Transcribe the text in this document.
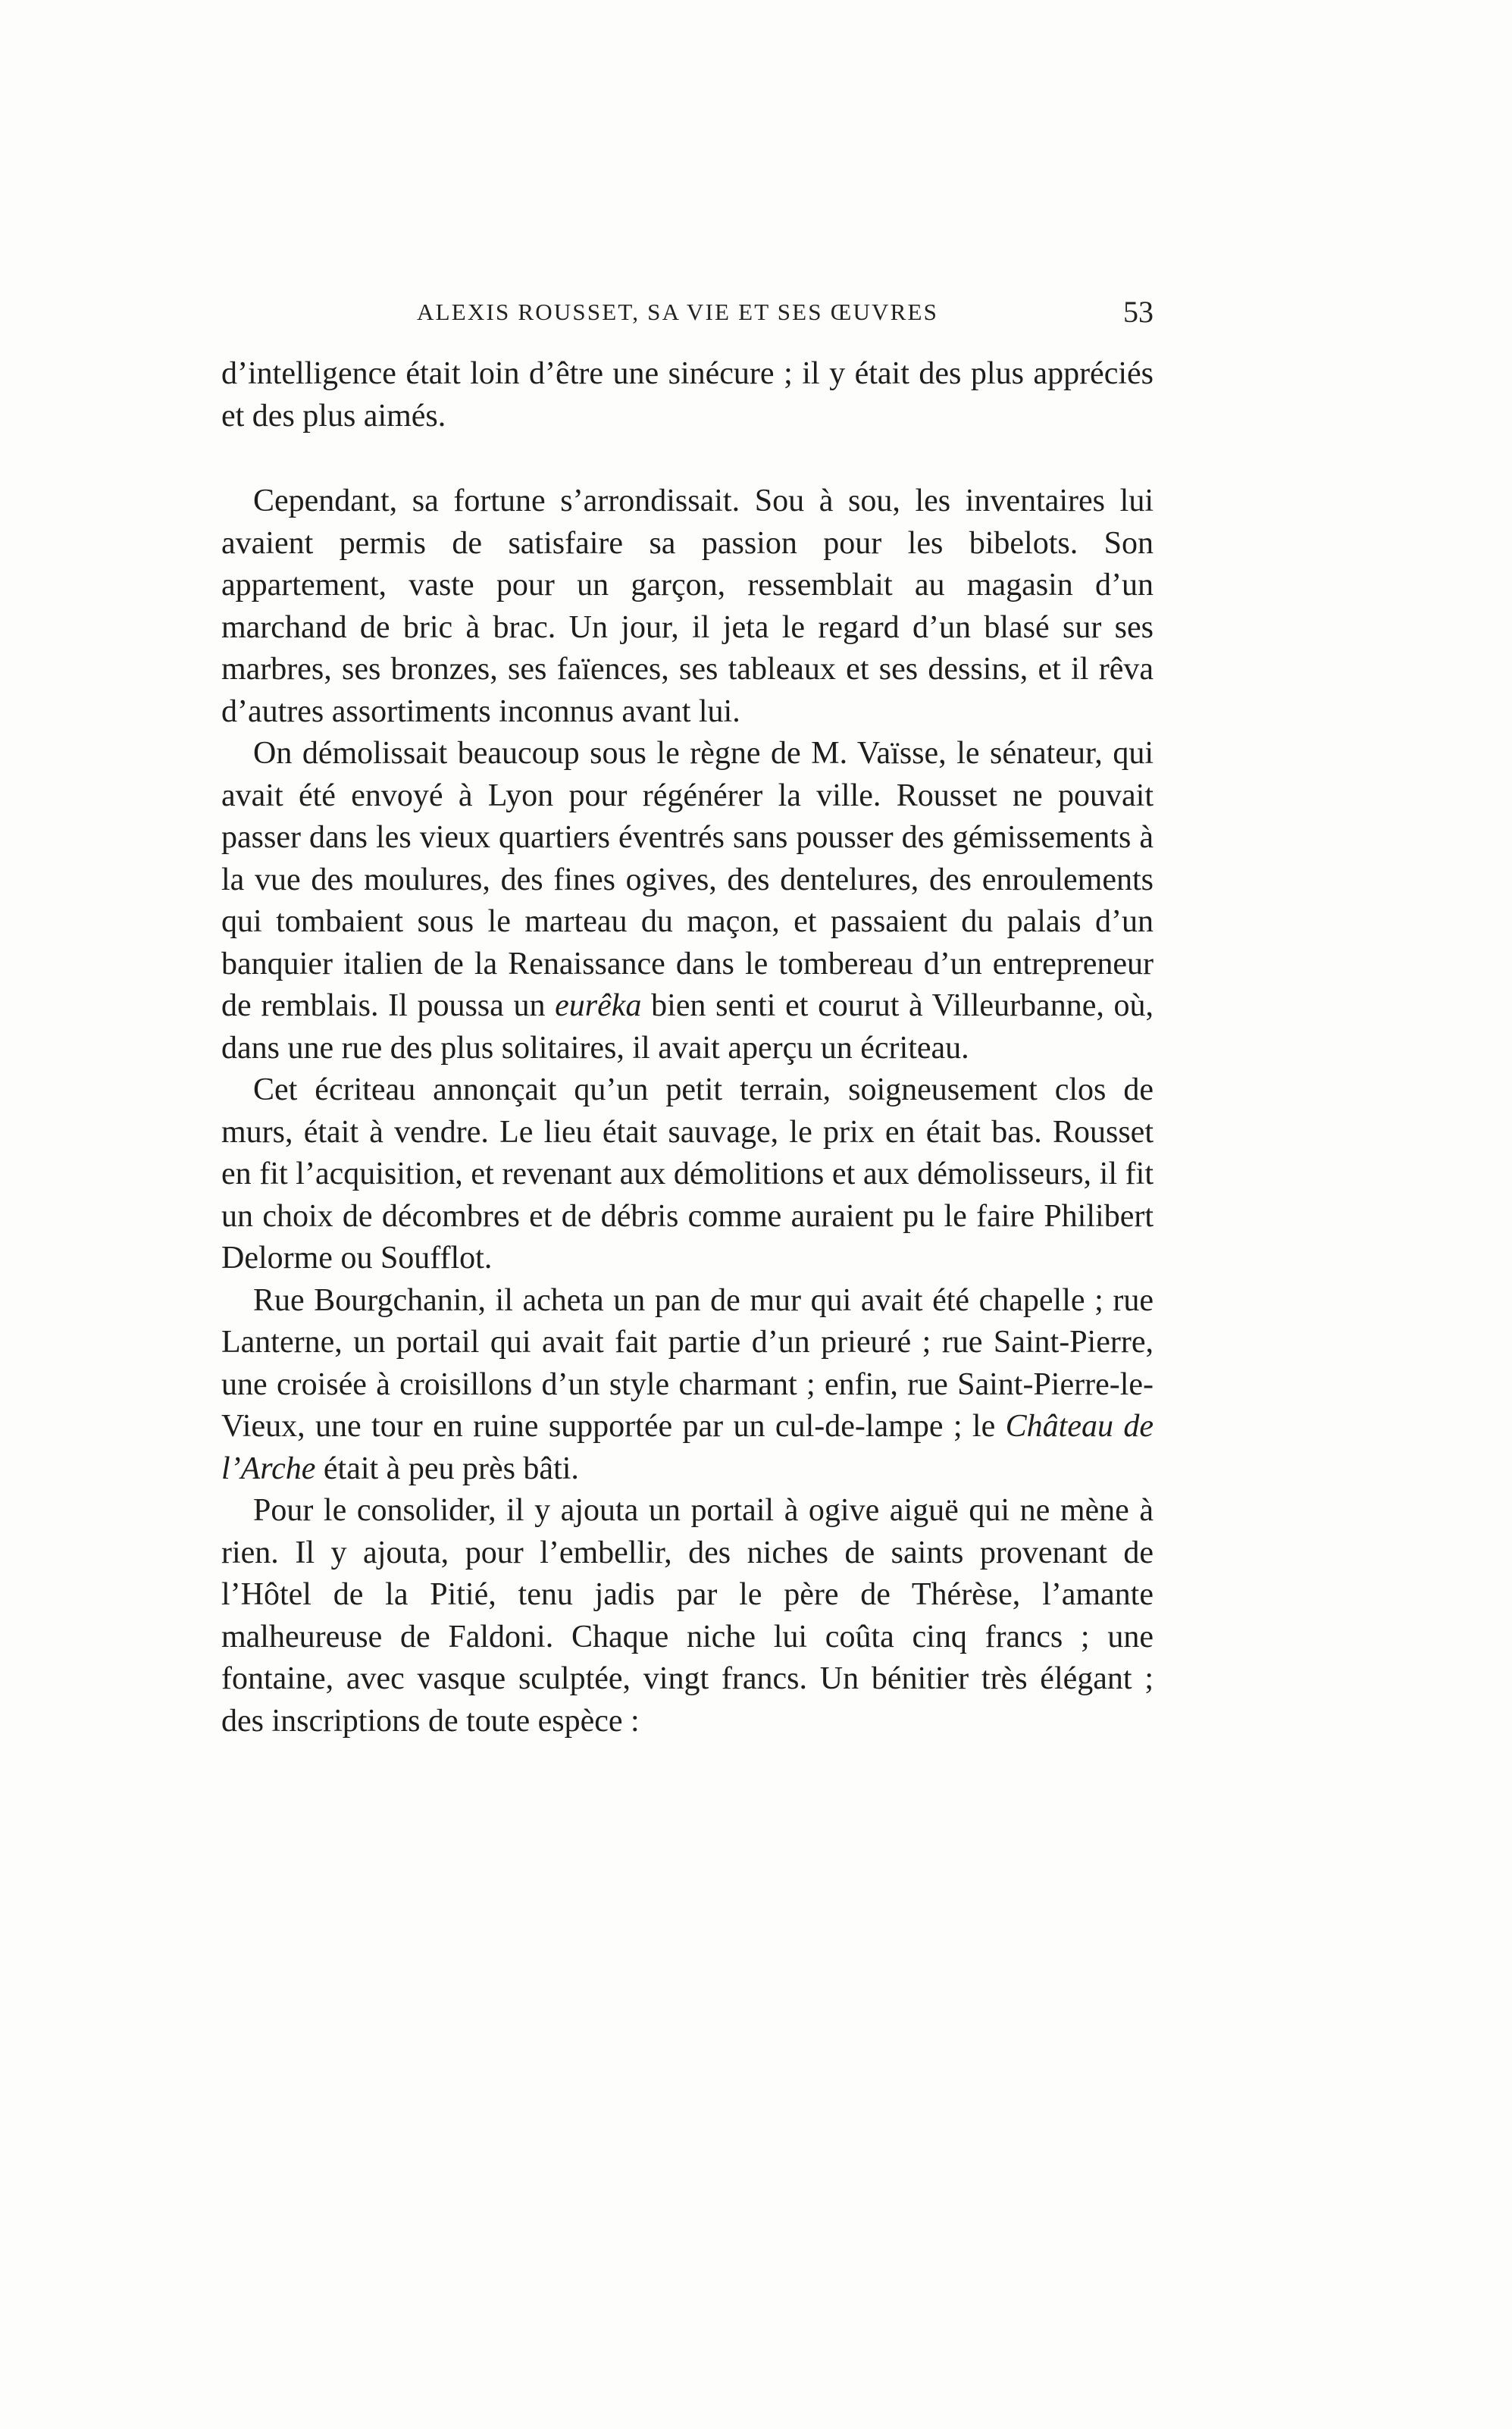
ALEXIS ROUSSET, SA VIE ET SES ŒUVRES	53

d’intelligence était loin d’être une sinécure ; il y était des plus appréciés et des plus aimés.

Cependant, sa fortune s’arrondissait. Sou à sou, les inventaires lui avaient permis de satisfaire sa passion pour les bibelots. Son appartement, vaste pour un garçon, ressemblait au magasin d’un marchand de bric à brac. Un jour, il jeta le regard d’un blasé sur ses marbres, ses bronzes, ses faïences, ses tableaux et ses dessins, et il rêva d’autres assortiments inconnus avant lui.

On démolissait beaucoup sous le règne de M. Vaïsse, le sénateur, qui avait été envoyé à Lyon pour régénérer la ville. Rousset ne pouvait passer dans les vieux quartiers éventrés sans pousser des gémissements à la vue des moulures, des fines ogives, des dentelures, des enroulements qui tombaient sous le marteau du maçon, et passaient du palais d’un banquier italien de la Renaissance dans le tombereau d’un entrepreneur de remblais. Il poussa un eurêka bien senti et courut à Villeurbanne, où, dans une rue des plus solitaires, il avait aperçu un écriteau.

Cet écriteau annonçait qu’un petit terrain, soigneusement clos de murs, était à vendre. Le lieu était sauvage, le prix en était bas. Rousset en fit l’acquisition, et revenant aux démolitions et aux démolisseurs, il fit un choix de décombres et de débris comme auraient pu le faire Philibert Delorme ou Soufflot.

Rue Bourgchanin, il acheta un pan de mur qui avait été chapelle ; rue Lanterne, un portail qui avait fait partie d’un prieuré ; rue Saint-Pierre, une croisée à croisillons d’un style charmant ; enfin, rue Saint-Pierre-le-Vieux, une tour en ruine supportée par un cul-de-lampe ; le Château de l’Arche était à peu près bâti.

Pour le consolider, il y ajouta un portail à ogive aiguë qui ne mène à rien. Il y ajouta, pour l’embellir, des niches de saints provenant de l’Hôtel de la Pitié, tenu jadis par le père de Thérèse, l’amante malheureuse de Faldoni. Chaque niche lui coûta cinq francs ; une fontaine, avec vasque sculptée, vingt francs. Un bénitier très élégant ; des inscriptions de toute espèce :
